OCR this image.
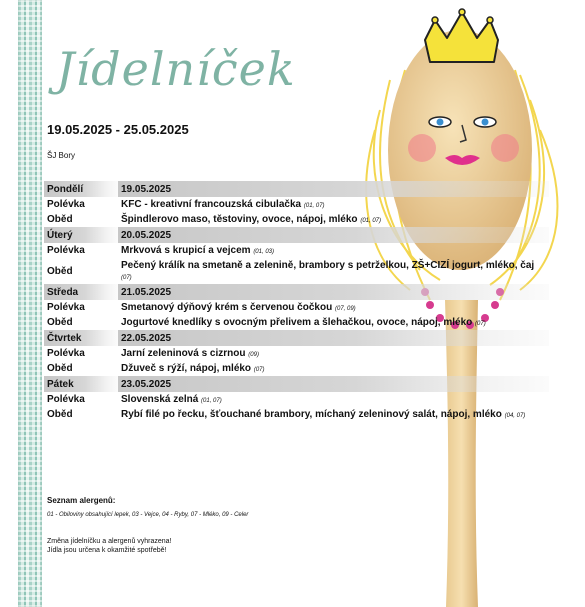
Jídelníček
19.05.2025 - 25.05.2025
ŠJ Bory
Pondělí	19.05.2025
Polévka	KFC - kreativní francouzská cibulačka (01, 07)
Oběd	Špindlerovo maso, těstoviny, ovoce, nápoj, mléko (01, 07)
Úterý	20.05.2025
Polévka	Mrkvová s krupicí a vejcem (01, 03)
Oběd	Pečený králík na smetaně a zelenině, brambory s petrželkou, ZŠ+CIZÍ jogurt, mléko, čaj (07)
Středa	21.05.2025
Polévka	Smetanový dýňový krém s červenou čočkou (07, 09)
Oběd	Jogurtové knedlíky s ovocným přelivem a šlehačkou, ovoce, nápoj, mléko (07)
Čtvrtek	22.05.2025
Polévka	Jarní zeleninová s cizrnou (09)
Oběd	Džuveč s rýží, nápoj, mléko (07)
Pátek	23.05.2025
Polévka	Slovenská zelná (01, 07)
Oběd	Rybí filé po řecku, šťouchané brambory, míchaný zeleninový salát, nápoj, mléko (04, 07)
Seznam alergenů:
01 - Obiloviny obsahující lepek, 03 - Vejce, 04 - Ryby, 07 - Mléko, 09 - Celer
Změna jídelníčku a alergenů vyhrazena!
Jídla jsou určena k okamžité spotřebě!
